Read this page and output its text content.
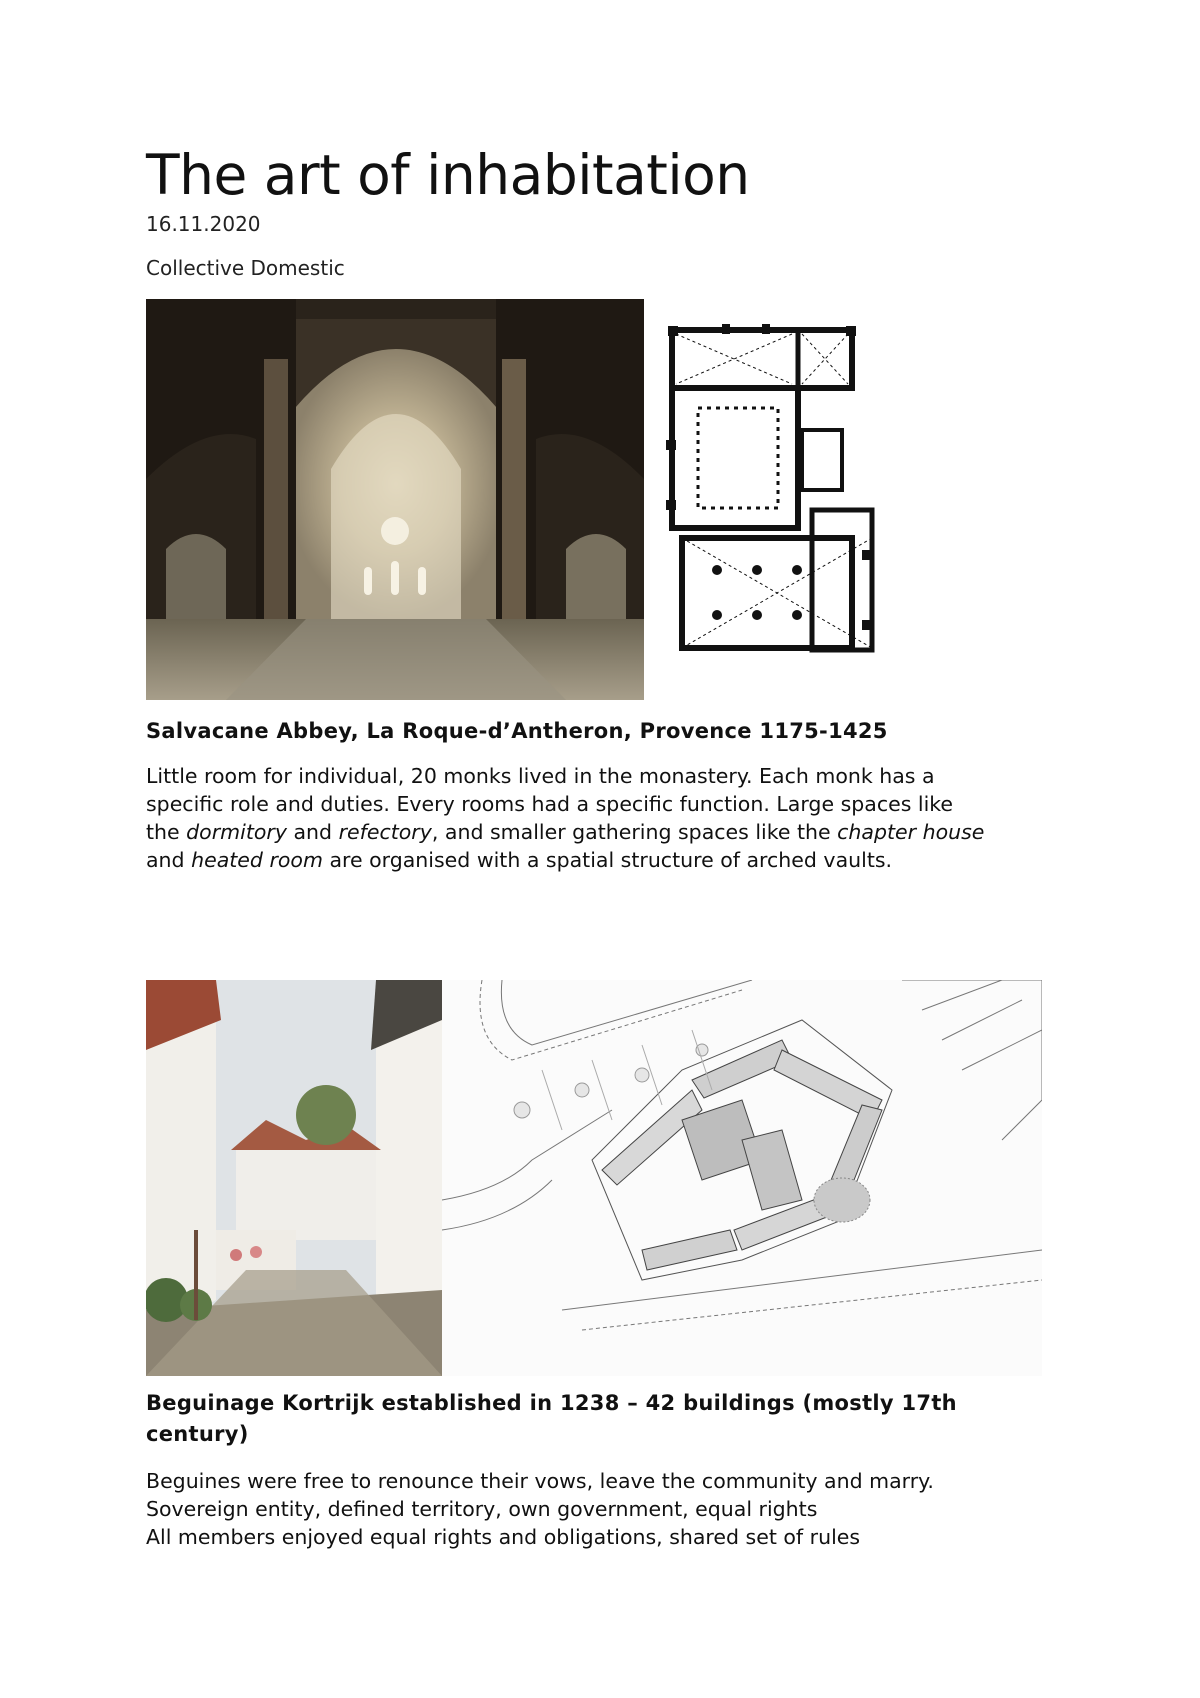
The art of inhabitation
16.11.2020
Collective Domestic
Salvacane Abbey, La Roque-d’Antheron, Provence 1175-1425
Little room for individual, 20 monks lived in the monastery. Each monk has a
specific role and duties. Every rooms had a specific function. Large spaces like
the dormitory and refectory, and smaller gathering spaces like the chapter house
and heated room are organised with a spatial structure of arched vaults.
Beguinage Kortrijk established in 1238 – 42 buildings (mostly 17th
century)
Beguines were free to renounce their vows, leave the community and marry.
Sovereign entity, defined territory, own government, equal rights
All members enjoyed equal rights and obligations, shared set of rules
